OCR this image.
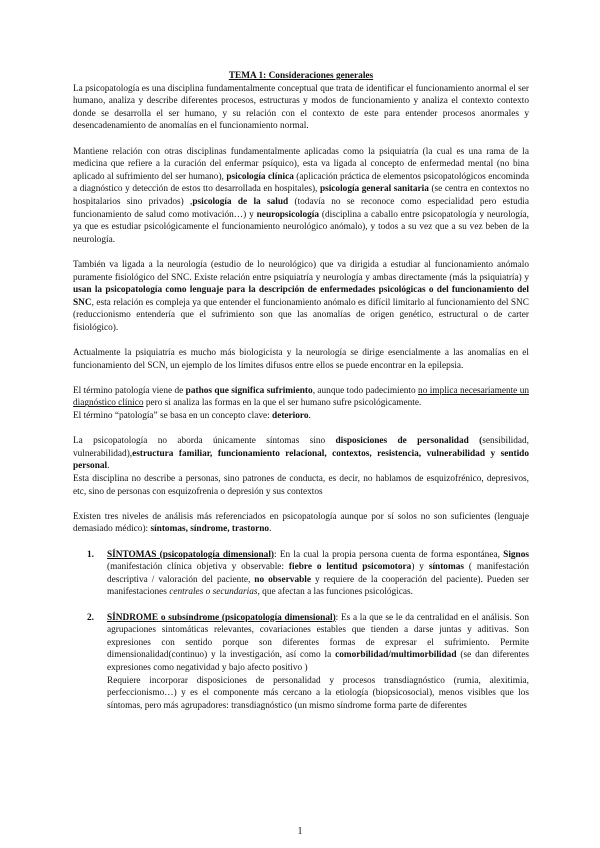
TEMA 1: Consideraciones generales

La psicopatología es una disciplina fundamentalmente conceptual que trata de identificar el funcionamiento anormal el ser humano, analiza y describe diferentes procesos, estructuras y modos de funcionamiento y analiza el contexto contexto donde se desarrolla el ser humano, y su relación con el contexto de este para entender procesos anormales y desencadenamiento de anomalías en el funcionamiento normal.

Mantiene relación con otras disciplinas fundamentalmente aplicadas como la psiquiatría (la cual es una rama de la medicina que refiere a la curación del enfermar psíquico), esta va ligada al concepto de enfermedad mental (no bina aplicado al sufrimiento del ser humano), psicología clínica (aplicación práctica de elementos psicopatológicos encominda a diagnóstico y detección de estos tto desarrollada en hospitales), psicología general sanitaria (se centra en contextos no hospitalarios sino privados) ,psicología de la salud (todavía no se reconoce como especialidad pero estudia funcionamiento de salud como motivación…) y neuropsicología (disciplina a caballo entre psicopatología y neurología, ya que es estudiar psicológicamente el funcionamiento neurológico anómalo), y todos a su vez que a su vez beben de la neurología.

También va ligada a la neurología (estudio de lo neurológico) que va dirigida a estudiar al funcionamiento anómalo puramente fisiológico del SNC. Existe relación entre psiquiatría y neurología y ambas directamente (más la psiquiatría) y usan la psicopatología como lenguaje para la descripción de enfermedades psicológicas o del funcionamiento del SNC, esta relación es compleja ya que entender el funcionamiento anómalo es difícil limitarlo al funcionamiento del SNC (reduccionismo entendería que el sufrimiento son que las anomalías de origen genético, estructural o de carter fisiológico).

Actualmente la psiquiatría es mucho más biologicista y la neurología se dirige esencialmente a las anomalías en el funcionamiento del SCN, un ejemplo de los límites difusos entre ellos se puede encontrar en la epilepsia.

El término patología viene de pathos que significa sufrimiento, aunque todo padecimiento no implica necesariamente un diagnóstico clínico pero si analiza las formas en la que el ser humano sufre psicológicamente.

El término “patología” se basa en un concepto clave: deterioro.

La psicopatología no aborda únicamente síntomas sino disposiciones de personalidad (sensibilidad, vulnerabilidad),estructura familiar, funcionamiento relacional, contextos, resistencia, vulnerabilidad y sentido personal.

Esta disciplina no describe a personas, sino patrones de conducta, es decir, no hablamos de esquizofrénico, depresivos, etc, sino de personas con esquizofrenia o depresión y sus contextos

Existen tres niveles de análisis más referenciados en psicopatología aunque por sí solos no son suficientes (lenguaje demasiado médico): síntomas, síndrome, trastorno.

1. SÍNTOMAS (psicopatología dimensional): En la cual la propia persona cuenta de forma espontánea, Signos (manifestación clínica objetiva y observable: fiebre o lentitud psicomotora) y síntomas ( manifestación descriptiva / valoración del paciente, no observable y requiere de la cooperación del paciente). Pueden ser manifestaciones centrales o secundarias, que afectan a las funciones psicológicas.

2. SÍNDROME o subsíndrome (psicopatología dimensional): Es a la que se le da centralidad en el análisis. Son agrupaciones sintomáticas relevantes, covariaciones estables que tienden a darse juntas y aditivas. Son expresiones con sentido porque son diferentes formas de expresar el sufrimiento. Permite dimensionalidad(continuo) y la investigación, así como la comorbilidad/multimorbilidad (se dan diferentes expresiones como negatividad y bajo afecto positivo )

Requiere incorporar disposiciones de personalidad y procesos transdiagnóstico (rumia, alexitimia, perfeccionismo…) y es el componente más cercano a la etiología (biopsicosocial), menos visibles que los síntomas, pero más agrupadores: transdiagnóstico (un mismo síndrome forma parte de diferentes

1
